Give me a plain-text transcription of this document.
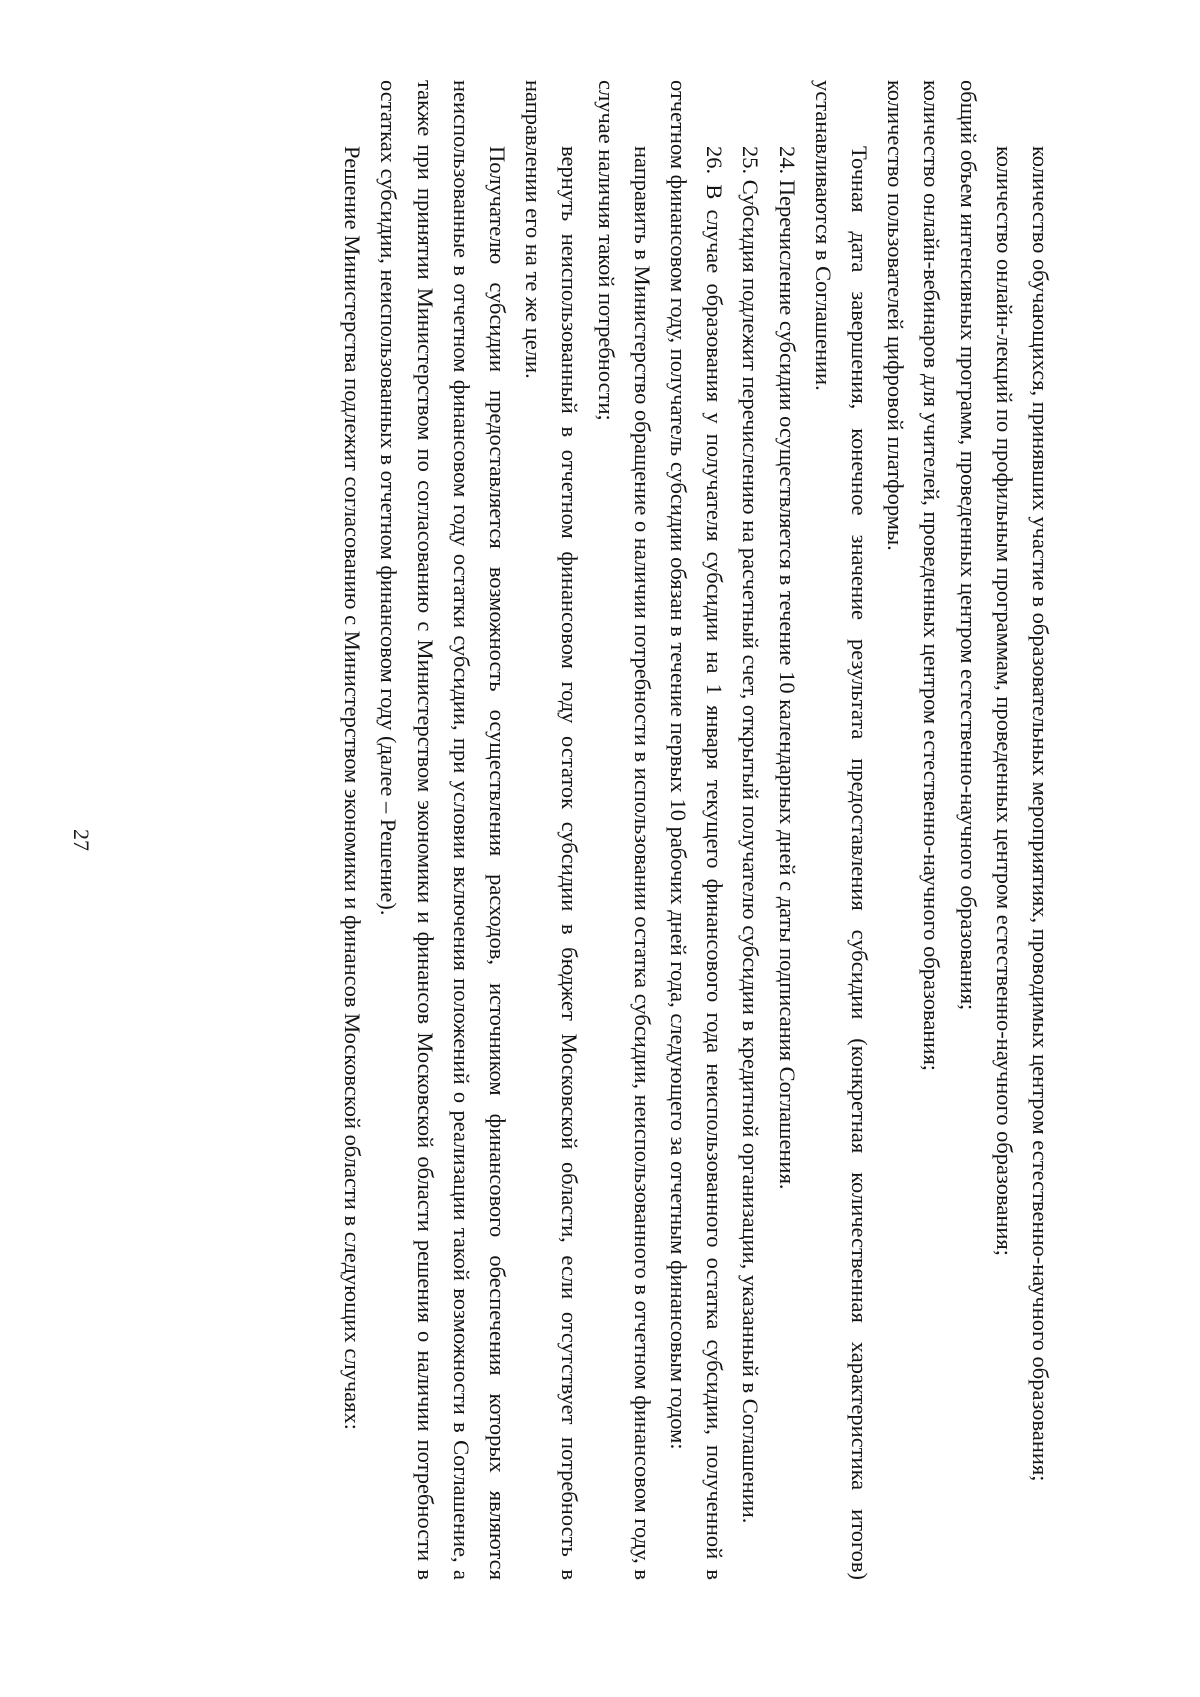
27	количество обучающихся, принявших участие в образовательных мероприятиях, проводимых центром естественно-научного образования;

количество онлайн-лекций по профильным программам, проведенных центром естественно-научного образования;

общий объем интенсивных программ, проведенных центром естественно-научного образования;

количество онлайн-вебинаров для учителей, проведенных центром естественно-научного образования;

количество пользователей цифровой платформы.

Точная дата завершения, конечное значение результата предоставления субсидии (конкретная количественная характеристика итогов) устанавливаются в Соглашении.

24. Перечисление субсидии осуществляется в течение 10 календарных дней с даты подписания Соглашения.

25. Субсидия подлежит перечислению на расчетный счет, открытый получателю субсидии в кредитной организации, указанный в Соглашении.

26. В случае образования у получателя субсидии на 1 января текущего финансового года неиспользованного остатка субсидии, полученной в отчетном финансовом году, получатель субсидии обязан в течение первых 10 рабочих дней года, следующего за отчетным финансовым годом:

направить в Министерство обращение о наличии потребности в использовании остатка субсидии, неиспользованного в отчетном финансовом году, в случае наличия такой потребности;

вернуть неиспользованный в отчетном финансовом году остаток субсидии в бюджет Московской области, если отсутствует потребность в направлении его на те же цели.

Получателю субсидии предоставляется возможность осуществления расходов, источником финансового обеспечения которых являются неиспользованные в отчетном финансовом году остатки субсидии, при условии включения положений о реализации такой возможности в Соглашение, а также при принятии Министерством по согласованию с Министерством экономики и финансов Московской области решения о наличии потребности в остатках субсидии, неиспользованных в отчетном финансовом году (далее – Решение).

Решение Министерства подлежит согласованию с Министерством экономики и финансов Московской области в следующих случаях:
